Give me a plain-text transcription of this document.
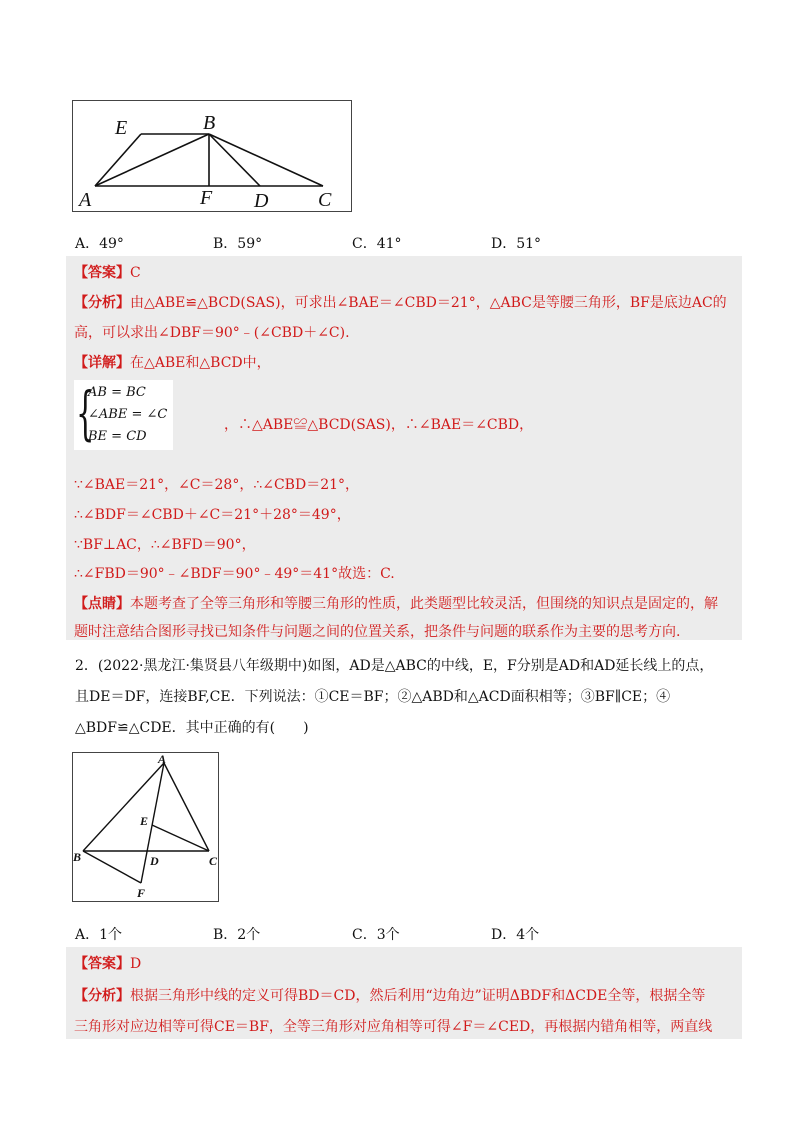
E	B
A	F D C
A．49°	B．59°	C．41°	D．51°
【答案】C
【分析】由△ABE≌△BCD(SAS)，可求出∠BAE＝∠CBD＝21°，△ABC是等腰三角形，BF是底边AC的
高，可以求出∠DBF＝90°﹣(∠CBD＋∠C).
【详解】在△ABE和△BCD中，
{
AB = BC
∠ABE = ∠C
BE = CD
，∴△ABE≌△BCD(SAS)，∴∠BAE＝∠CBD，
∵∠BAE＝21°，∠C＝28°，∴∠CBD＝21°，
∴∠BDF＝∠CBD＋∠C＝21°＋28°＝49°，
∵BF⊥AC，∴∠BFD＝90°，
∴∠FBD＝90°﹣∠BDF＝90°﹣49°＝41°故选：C.
【点睛】本题考查了全等三角形和等腰三角形的性质，此类题型比较灵活，但围绕的知识点是固定的，解
题时注意结合图形寻找已知条件与问题之间的位置关系，把条件与问题的联系作为主要的思考方向.
2．(2022·黑龙江·集贤县八年级期中)如图，AD是△ABC的中线，E，F分别是AD和AD延长线上的点，
且DE＝DF，连接BF,CE．下列说法：①CE＝BF；②△ABD和△ACD面积相等；③BF∥CE；④
△BDF≌△CDE．其中正确的有(　　)
A
E
B	D	C
F
A．1个	B．2个	C．3个	D．4个
【答案】D
【分析】根据三角形中线的定义可得BD＝CD，然后利用“边角边”证明ΔBDF和ΔCDE全等，根据全等
三角形对应边相等可得CE＝BF，全等三角形对应角相等可得∠F＝∠CED，再根据内错角相等，两直线
